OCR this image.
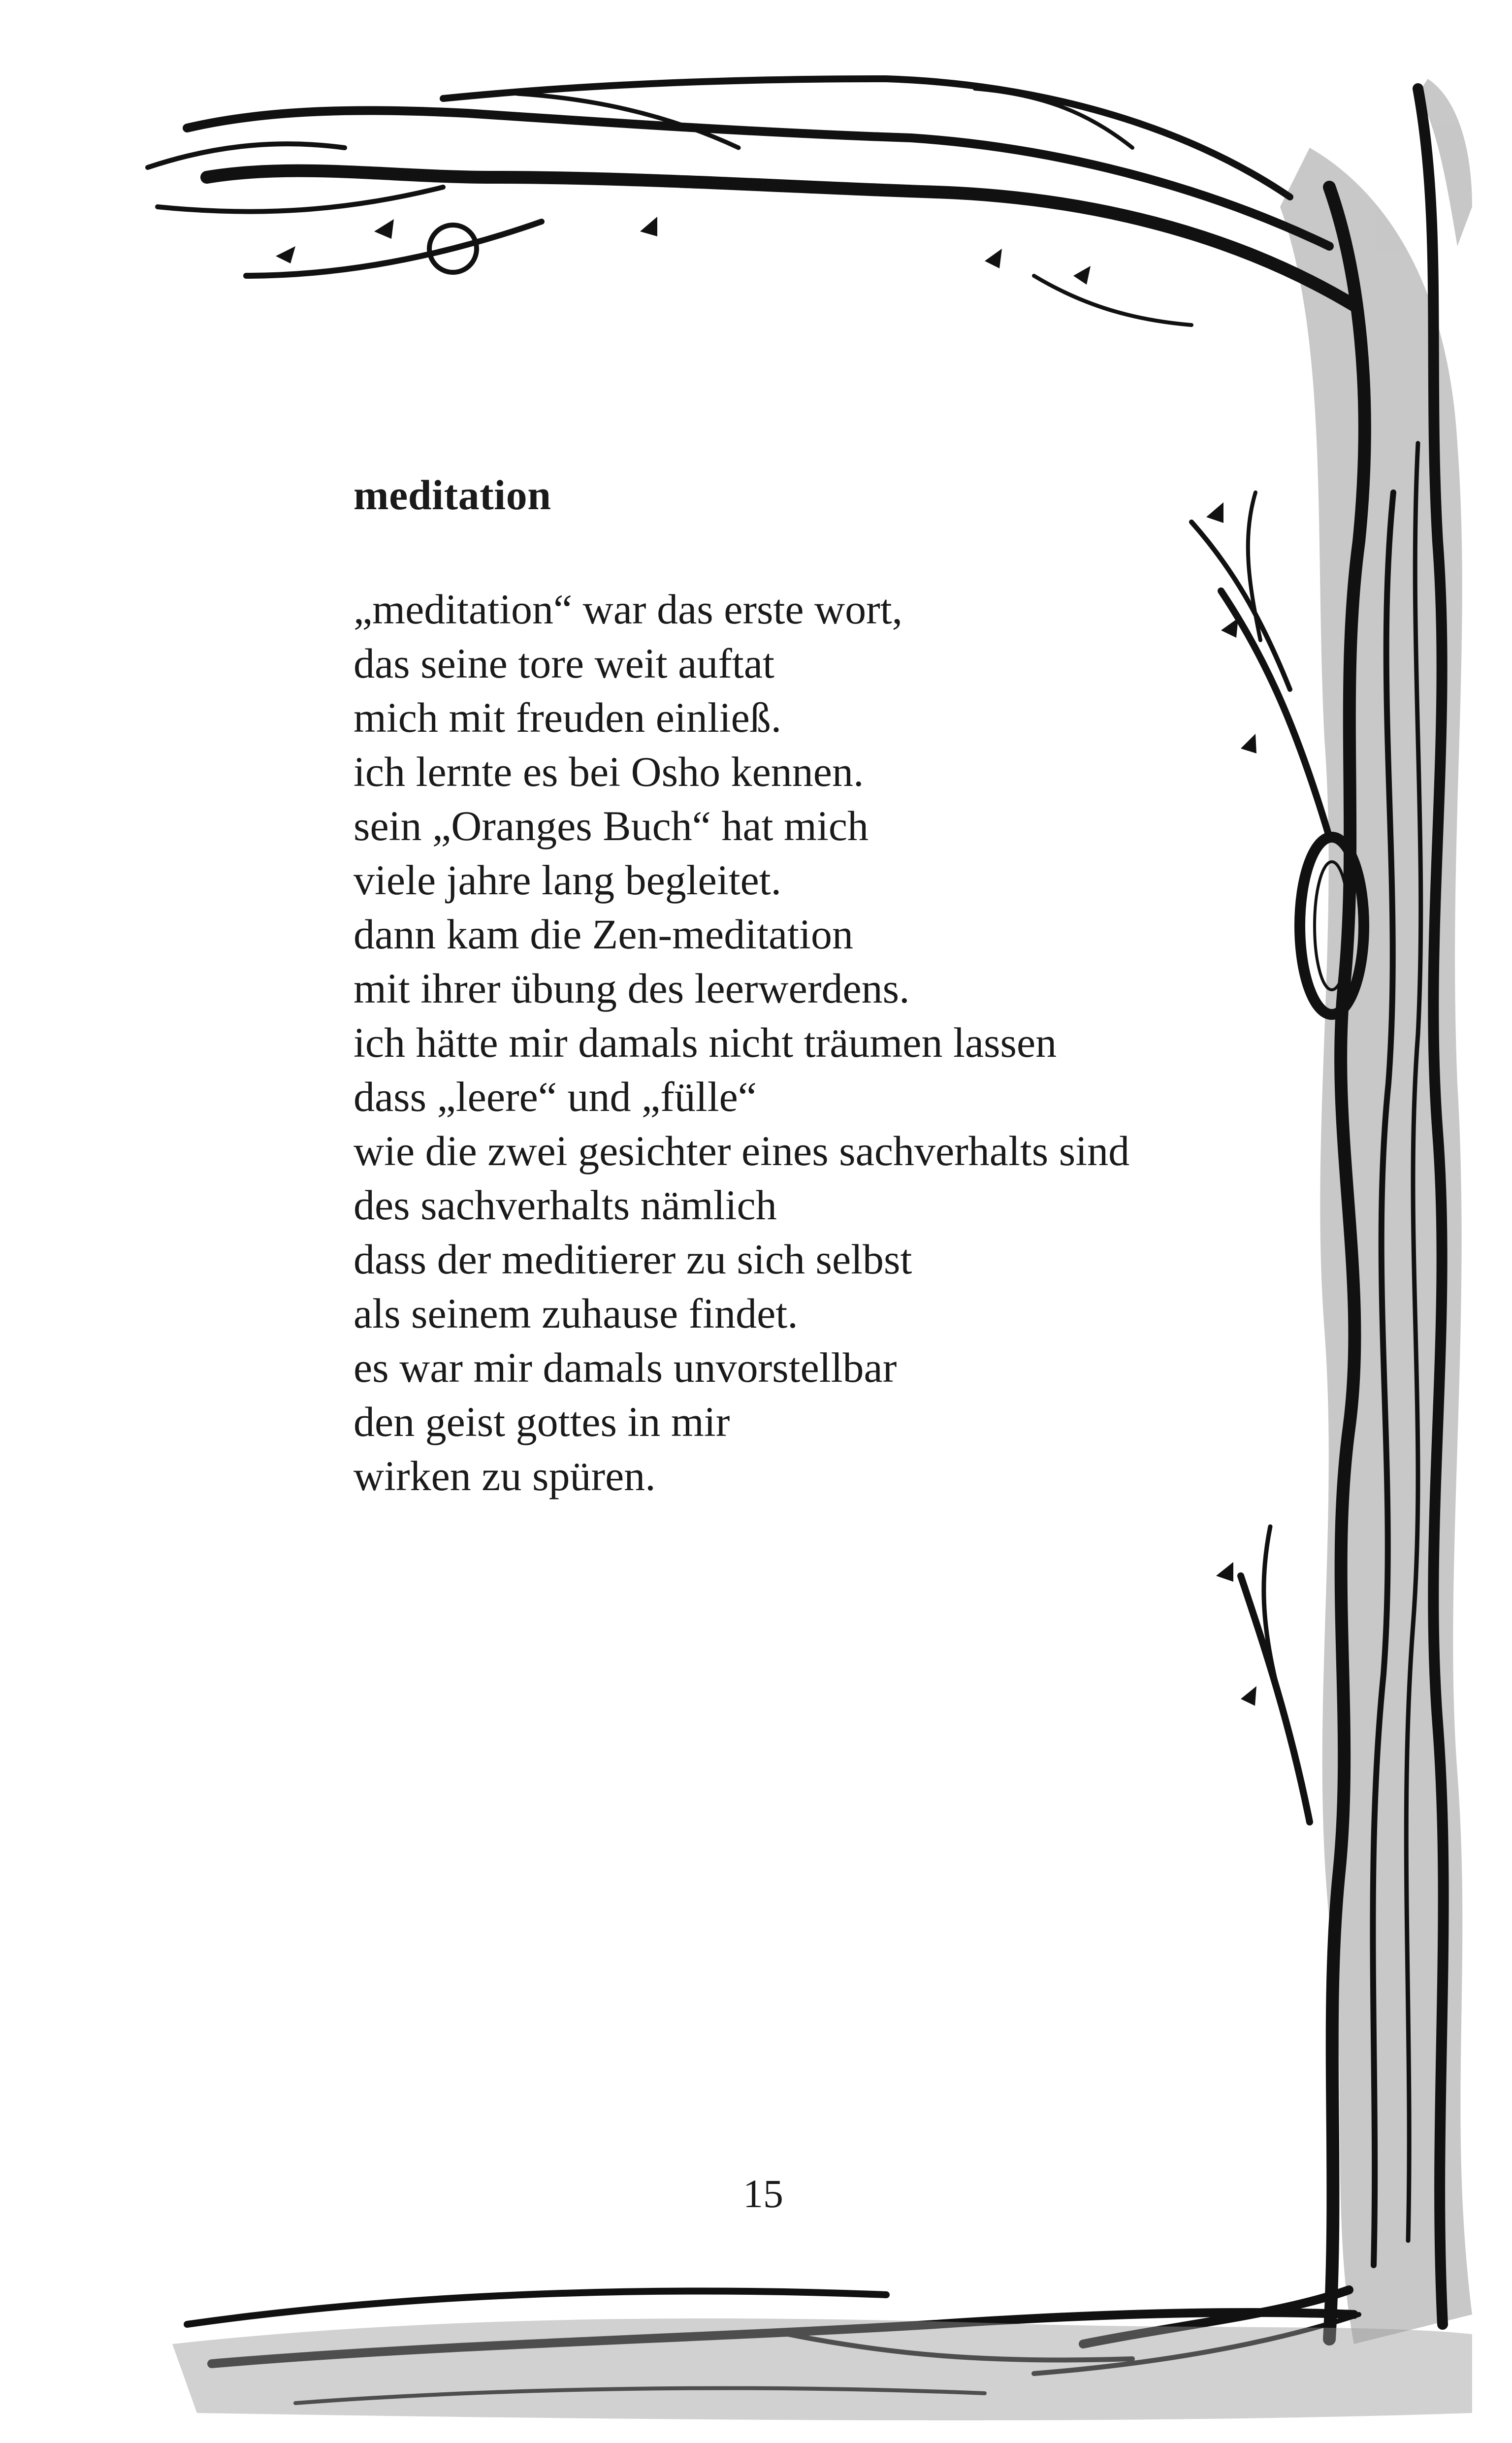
meditation
„meditation“ war das erste wort,
das seine tore weit auftat
mich mit freuden einließ.
ich lernte es bei Osho kennen.
sein „Oranges Buch“ hat mich
viele jahre lang begleitet.
dann kam die Zen-meditation
mit ihrer übung des leerwerdens.
ich hätte mir damals nicht träumen lassen
dass „leere“ und „fülle“
wie die zwei gesichter eines sachverhalts sind
des sachverhalts nämlich
dass der meditierer zu sich selbst
als seinem zuhause findet.
es war mir damals unvorstellbar
den geist gottes in mir
wirken zu spüren.
15
